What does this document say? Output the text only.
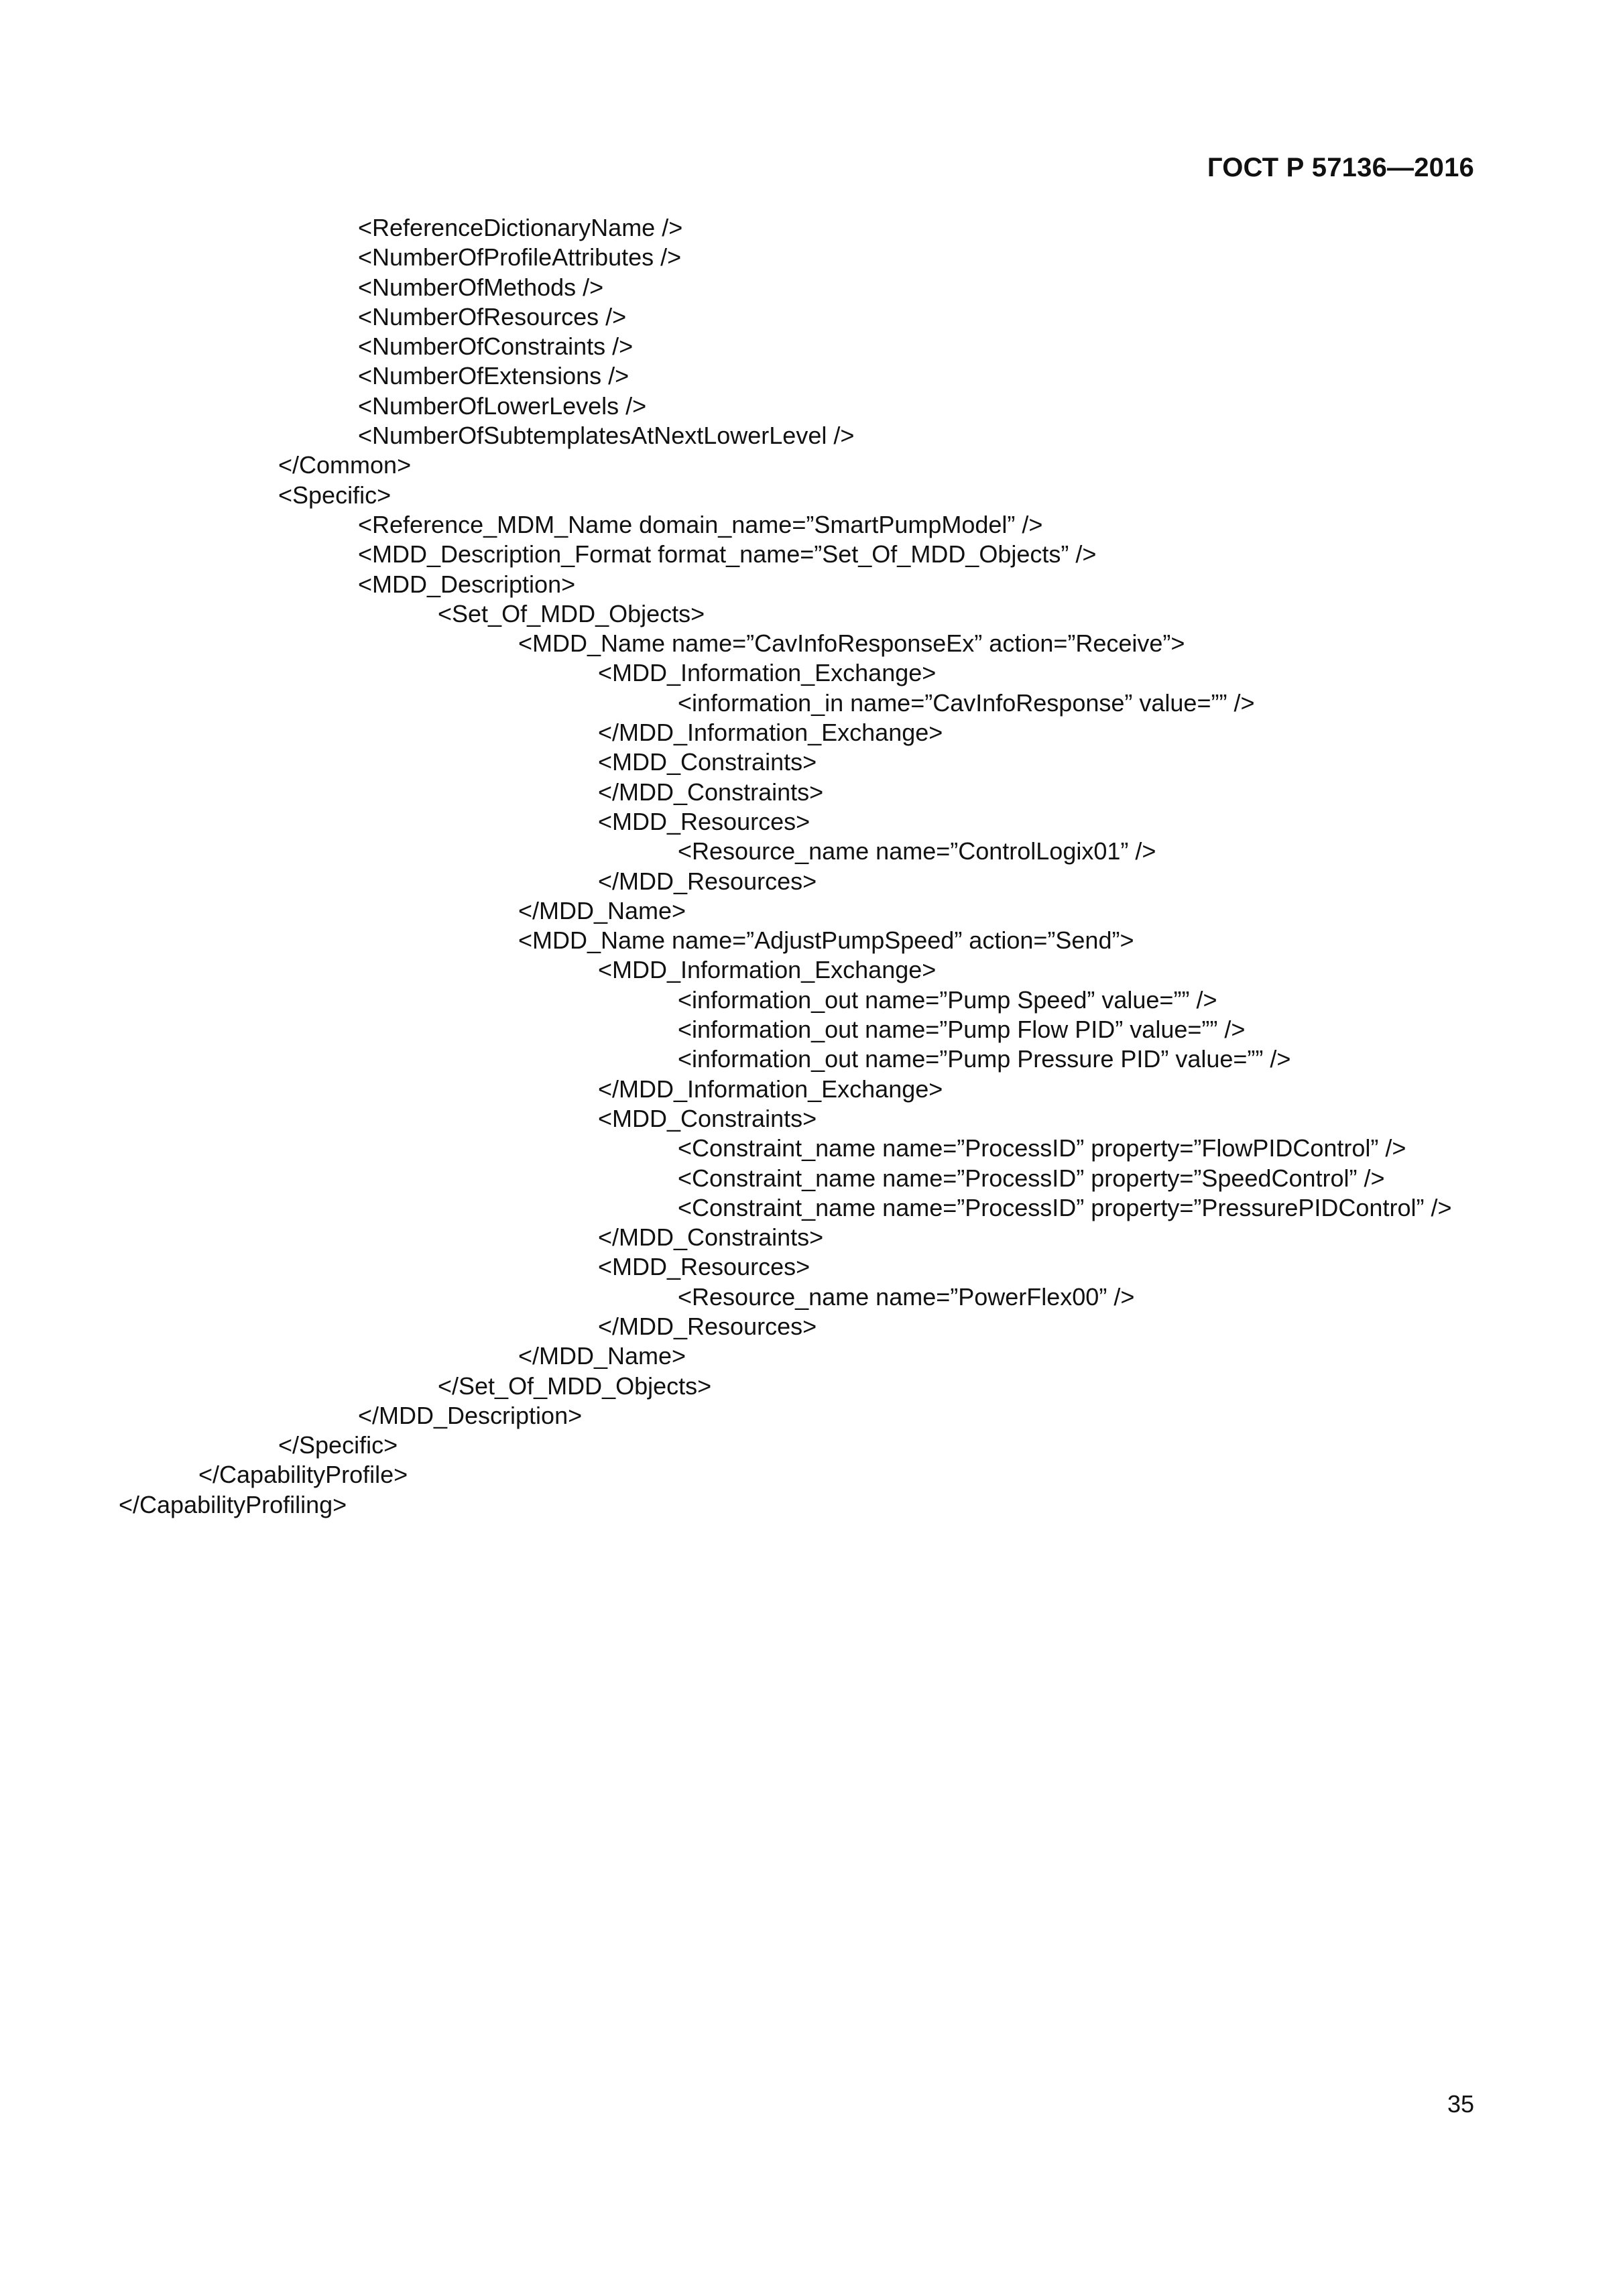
ГОСТ Р 57136—2016
<ReferenceDictionaryName />
<NumberOfProfileAttributes />
<NumberOfMethods />
<NumberOfResources />
<NumberOfConstraints />
<NumberOfExtensions />
<NumberOfLowerLevels />
<NumberOfSubtemplatesAtNextLowerLevel />
</Common>
<Specific>
<Reference_MDM_Name domain_name=”SmartPumpModel” />
<MDD_Description_Format format_name=”Set_Of_MDD_Objects” />
<MDD_Description>
<Set_Of_MDD_Objects>
<MDD_Name name=”CavInfoResponseEx” action=”Receive”>
<MDD_Information_Exchange>
<information_in name=”CavInfoResponse” value=”” />
</MDD_Information_Exchange>
<MDD_Constraints>
</MDD_Constraints>
<MDD_Resources>
<Resource_name name=”ControlLogix01” />
</MDD_Resources>
</MDD_Name>
<MDD_Name name=”AdjustPumpSpeed” action=”Send”>
<MDD_Information_Exchange>
<information_out name=”Pump Speed” value=”” />
<information_out name=”Pump Flow PID” value=”” />
<information_out name=”Pump Pressure PID” value=”” />
</MDD_Information_Exchange>
<MDD_Constraints>
<Constraint_name name=”ProcessID” property=”FlowPIDControl” />
<Constraint_name name=”ProcessID” property=”SpeedControl” />
<Constraint_name name=”ProcessID” property=”PressurePIDControl” />
</MDD_Constraints>
<MDD_Resources>
<Resource_name name=”PowerFlex00” />
</MDD_Resources>
</MDD_Name>
</Set_Of_MDD_Objects>
</MDD_Description>
</Specific>
</CapabilityProfile>
</CapabilityProfiling>
35
